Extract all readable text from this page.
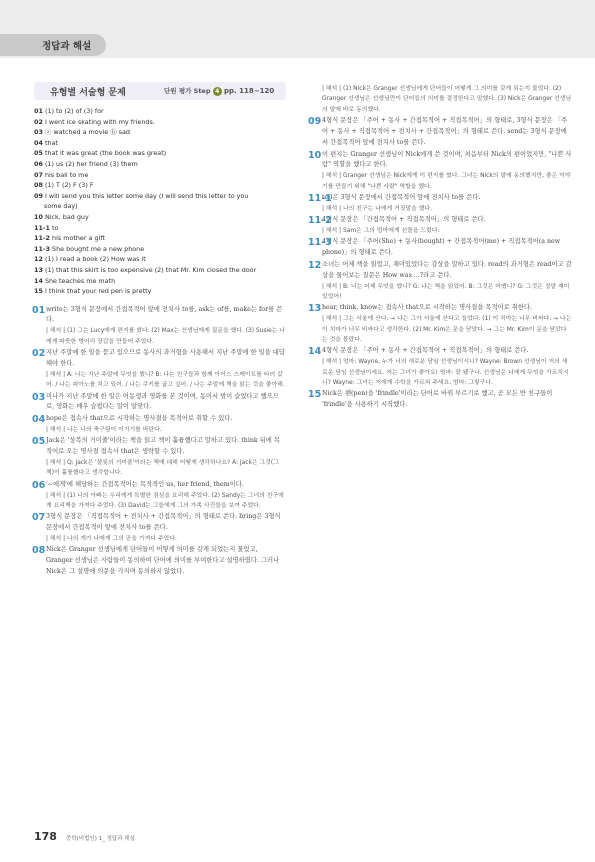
정답과 해설
유형별 서술형 문제	단원 평가 Step 4 pp. 118~120
01 (1) to (2) of (3) for
02 I went ice skating with my friends.
03 ⓐ watched a movie ⓑ sad
04 that
05 that it was great (the book was great)
06 (1) us (2) her friend (3) them
07 his ball to me
08 (1) T (2) F (3) F
09 I will send you this letter some day (I will send this letter to you
some day)
10 Nick, bad guy
11-1 to
11-2 his mother a gift
11-3 She bought me a new phone
12 (1) I read a book (2) How was it
13 (1) that this skirt is too expensive (2) that Mr. Kim closed the door
14 She teaches me math
15 I think that your red pen is pretty
01 write는 3형식 문장에서 간접목적어 앞에 전치사 to를, ask는 of를, make는 for를 쓴다.
| 해석 | (1) 그는 Lucy에게 편지를 썼다. (2) Max는 선생님에게 질문을 했다. (3) Susie는 나에게 따뜻한 벙어리 장갑을 만들어 주었다.
02 지난 주말에 한 일을 묻고 있으므로 동사의 과거형을 사용해서 지난 주말에 한 일을 대답해야 한다.
| 해석 | A: 너는 지난 주말에 무엇을 했니? B: 나는 친구들과 함께 아이스 스케이트를 타러 갔어. / 나는 피아노를 치고 있어. / 나는 쿠키를 굽고 싶어. / 나는 주말에 책을 읽는 것을 좋아해.
03 미나가 지난 주말에 한 일은 어동생과 영화를 본 것이며, 동이서 밤이 슬었다고 했으므로, 영화는 매우 슬펐다는 말이 알맞다.
04 hope은 접속사 that으로 시작하는 명사절을 목적어로 취할 수 있다.
| 해석 | 나는 나의 축구팀이 이기기를 바란다.
05 Jack은 '상복의 거미줄'이라는 책을 읽고 책이 훌륭했다고 말하고 있다. think 뒤에 목적어로 오는 명사절 접속사 that은 생략할 수 있다.
| 해석 | Q: Jack은 '샬롯의 거미줄'이라는 책에 대해 어떻게 생각하나요? A: Jack은 그것(그 책)이 훌륭했다고 생각합니다.
06 '~에게'에 해당하는 간접목적어는 목적격인 us, her friend, them이다.
| 해석 | (1) 나의 아빠는 우리에게 특별한 점심을 요리해 주었다. (2) Sandy는 그녀의 친구에게 요리책을 가져다 주었다. (3) David는 그들에게 그의 가족 사진들을 보여 주었다.
07 3형식 문장은 「직접목적어 + 전치사 + 간접목적어」의 형태로 쓴다. bring은 3형식 문장에서 간접목적어 앞에 전치사 to를 쓴다.
| 해석 | 나의 개가 나에게 그의 공을 가져다 주었다.
08 Nick은 Granger 선생님에게 단어들이 어떻게 의미를 갖게 되었는지 물었고, Granger 선생님은 사람들이 동의하여 단어에 의미를 부여한다고 설명하였다. 그러나 Nick은 그 설명에 의문을 가지며 동의하지 않았다.
| 해석 | (1) Nick은 Granger 선생님에게 단어들이 어떻게 그 의미를 갖게 되는지 물었다. (2) Granger 선생님은 선생님만이 단어들의 의미를 결정한다고 말했다. (3) Nick은 Granger 선생님의 말에 바로 동의했다.
09 4형식 문장은 「주어 + 동사 + 간접목적어 + 직접목적어」의 형태로, 3형식 문장은 「주어 + 동사 + 직접목적어 + 전치사 + 간접목적어」의 형태로 쓴다. send는 3형식 문장에서 간접목적어 앞에 전치사 to를 쓴다.
10 이 편지는 Granger 선생님이 Nick에게 쓴 것이며, 처음부터 Nick의 편이었지만, "나쁜 사람" 역할을 했다고 한다.
| 해석 | Granger 선생님은 Nick에게 이 편지를 썼다. 그녀는 Nick의 말에 동의했지만, 좋은 이야기를 만들기 위해 "나쁜 사람" 역할을 했다.
11-1
tell은 3형식 문장에서 간접목적어 앞에 전치사 to를 쓴다.
| 해석 | 나의 친구는 나에게 거짓말을 했다.
11-2
4형식 문장은 「간접목적어 + 직접목적어」의 형태로 쓴다.
| 해석 | Sam은 그의 엄마에게 선물을 드렸다.
11-3
4형식 문장은 「주어(She) + 동사(bought) + 간접목적어(me) + 직접목적어(a new phone)」의 형태로 쓴다.
12 소녀는 어제 책을 읽었고, 재미있었다는 감상을 말하고 있다. read의 과거형은 read이고 감상을 물어보는 질문은 How was ...?라고 쓴다.
| 해석 | B: 너는 어제 무엇을 했니? G: 나는 책을 읽었어. B: 그것은 어땠니? G: 그것은 정말 재미있었어!
13 hear, think, know는 접속사 that으로 시작하는 명사절을 목적어로 취한다.
| 해석 | 그는 서울에 산다. → 나는 그가 서울에 산다고 들었다. (1) 이 치마는 너무 비싸다. → 나는 이 치마가 너무 비싸다고 생각한다. (2) Mr. Kim은 문을 닫았다. → 그는 Mr. Kim이 문을 닫았다는 것을 몰랐다.
14 4형식 문장은 「주어 + 동사 + 간접목적어 + 직접목적어」의 형태로 쓴다.
| 해석 | 엄마: Wayne, 누가 너의 새로운 담임 선생님이시니? Wayne: Brown 선생님이 저의 새로운 담임 선생님이세요. 저는 그녀가 좋아요! 엄마: 잘 됐구나. 선생님은 너에게 무엇을 가르치시니? Wayne: 그녀는 저에게 수학을 가르쳐 주세요. 엄마: 그렇구나.
15 Nick은 펜(pen)을 'frindle'이라는 단어로 바꿔 부르기로 했고, 곧 모든 반 친구들이 'frindle'을 사용하기 시작했다.
178 중학(비법인) 1_ 정답과 해설
